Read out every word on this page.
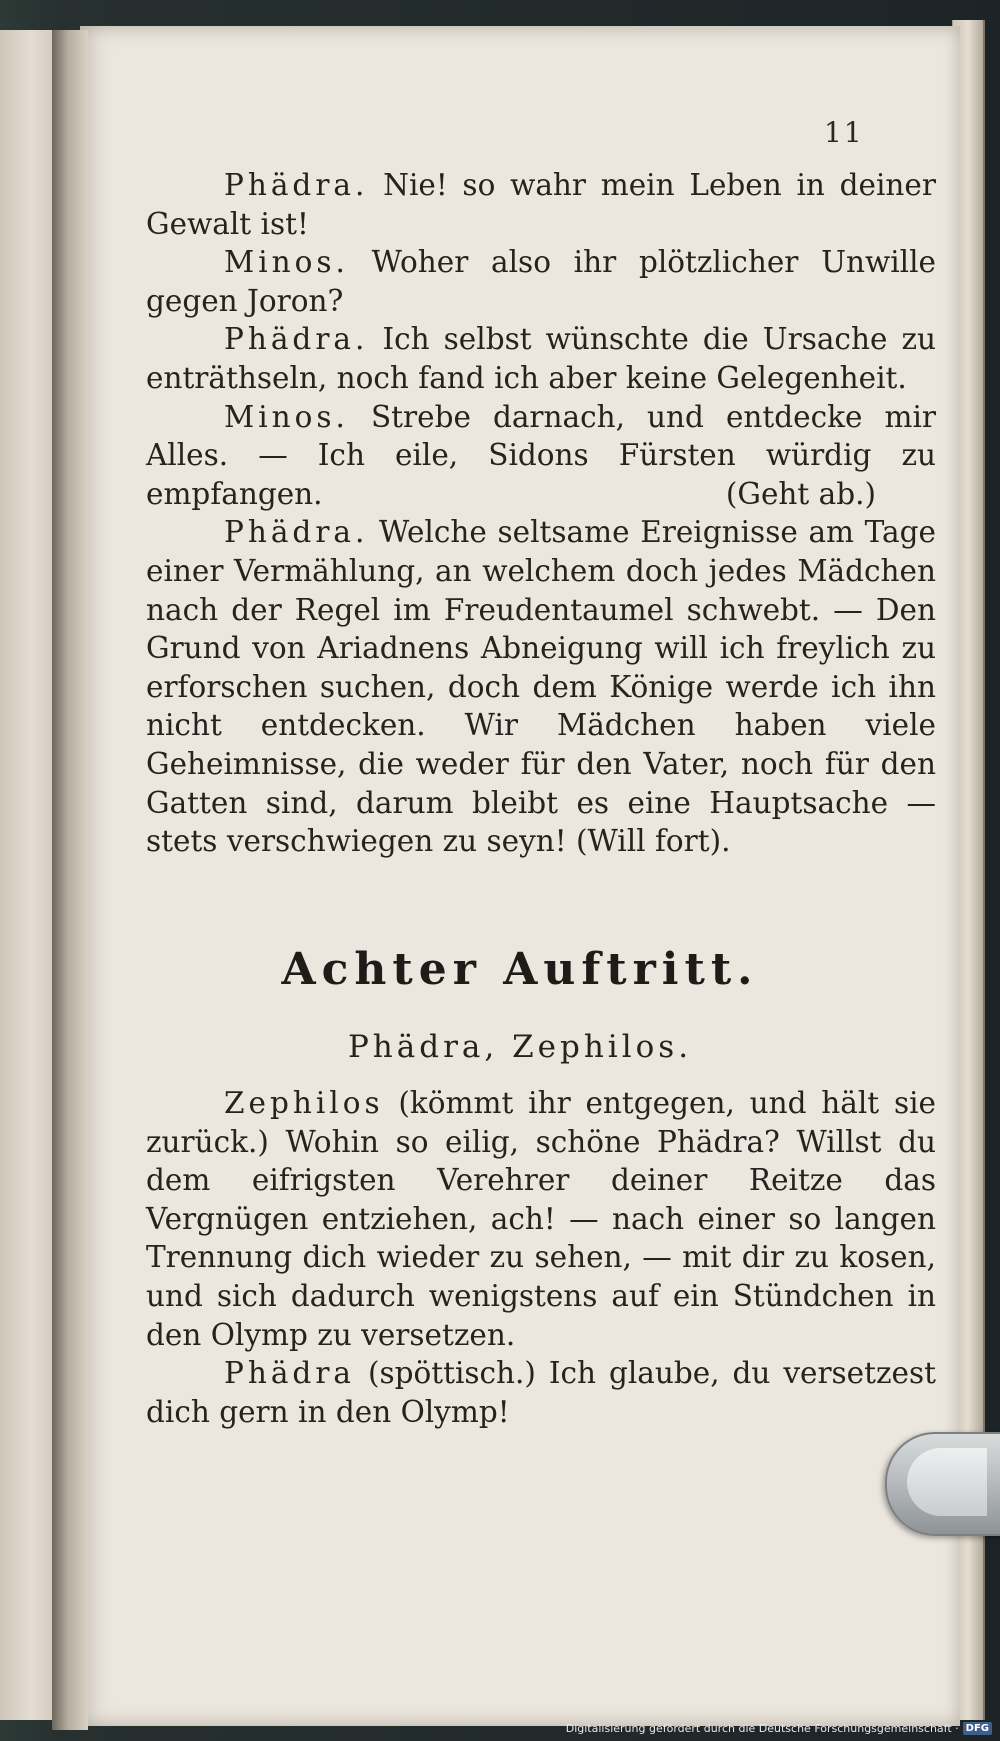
11

Phädra. Nie! so wahr mein Leben in deiner Gewalt ist!

Minos. Woher also ihr plötzlicher Unwille gegen Joron?

Phädra. Ich selbst wünschte die Ursache zu enträthseln, noch fand ich aber keine Gelegenheit.

Minos. Strebe darnach, und entdecke mir Alles. — Ich eile, Sidons Fürsten würdig zu empfangen.	(Geht ab.)

Phädra. Welche seltsame Ereignisse am Tage einer Vermählung, an welchem doch jedes Mädchen nach der Regel im Freudentaumel schwebt. — Den Grund von Ariadnens Abneigung will ich freylich zu erforschen suchen, doch dem Könige werde ich ihn nicht entdecken. Wir Mädchen haben viele Geheimnisse, die weder für den Vater, noch für den Gatten sind, darum bleibt es eine Hauptsache — stets verschwiegen zu seyn! (Will fort).

Achter Auftritt.
Phädra, Zephilos.

Zephilos (kömmt ihr entgegen, und hält sie zurück.) Wohin so eilig, schöne Phädra? Willst du dem eifrigsten Verehrer deiner Reitze das Vergnügen entziehen, ach! — nach einer so langen Trennung dich wieder zu sehen, — mit dir zu kosen, und sich dadurch wenigstens auf ein Stündchen in den Olymp zu versetzen.

Phädra (spöttisch.) Ich glaube, du versetzest dich gern in den Olymp!

Digitalisierung gefördert durch die Deutsche Forschungsgemeinschaft · DFG
